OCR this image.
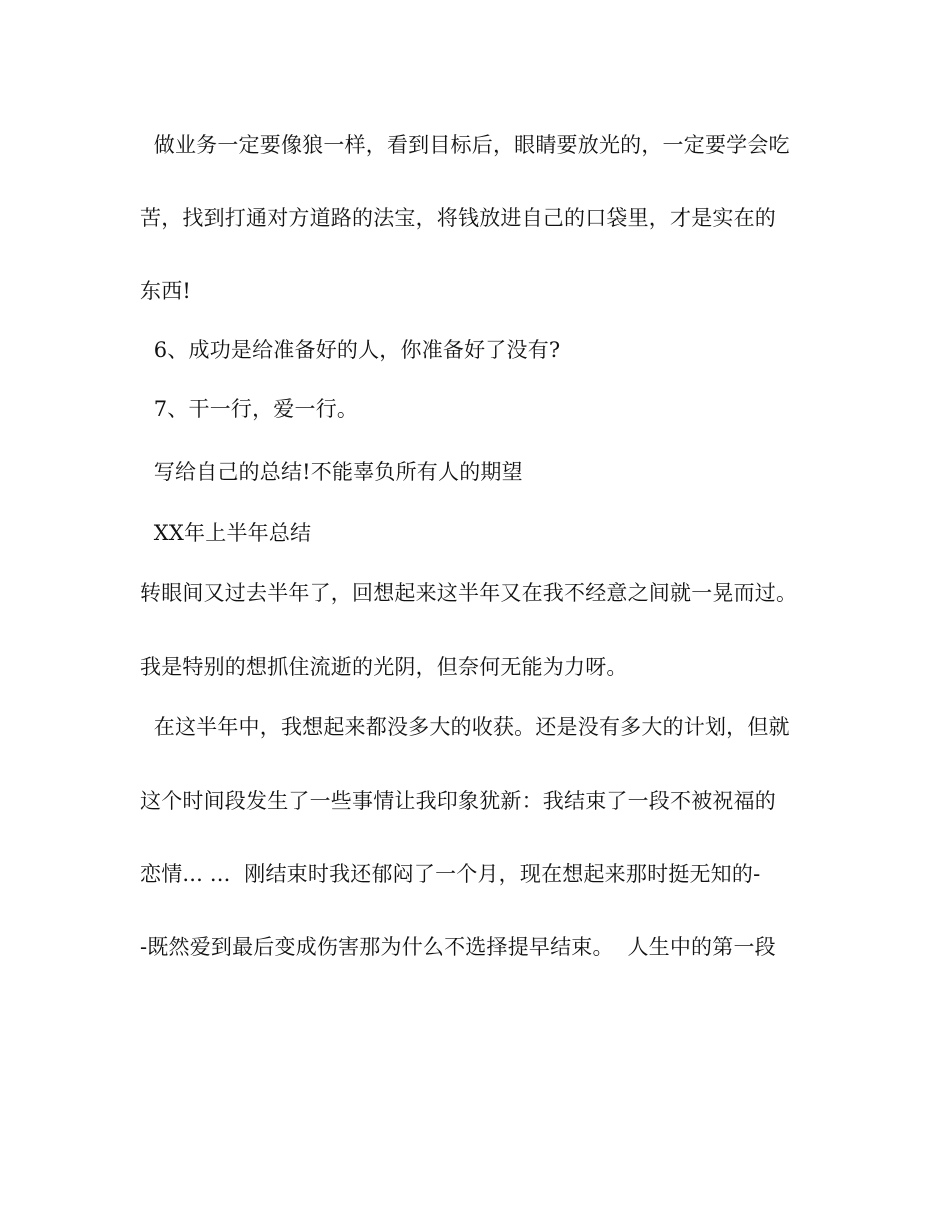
做业务一定要像狼一样，看到目标后，眼睛要放光的，一定要学会吃
苦，找到打通对方道路的法宝，将钱放进自己的口袋里，才是实在的
东西!
6、成功是给准备好的人，你准备好了没有?
7、干一行，爱一行。
写给自己的总结!不能辜负所有人的期望
XX年上半年总结
转眼间又过去半年了，回想起来这半年又在我不经意之间就一晃而过。
我是特别的想抓住流逝的光阴，但奈何无能为力呀。
在这半年中，我想起来都没多大的收获。还是没有多大的计划，但就
这个时间段发生了一些事情让我印象犹新：我结束了一段不被祝福的
恋情... ...  刚结束时我还郁闷了一个月，现在想起来那时挺无知的-
-既然爱到最后变成伤害那为什么不选择提早结束。  人生中的第一段
